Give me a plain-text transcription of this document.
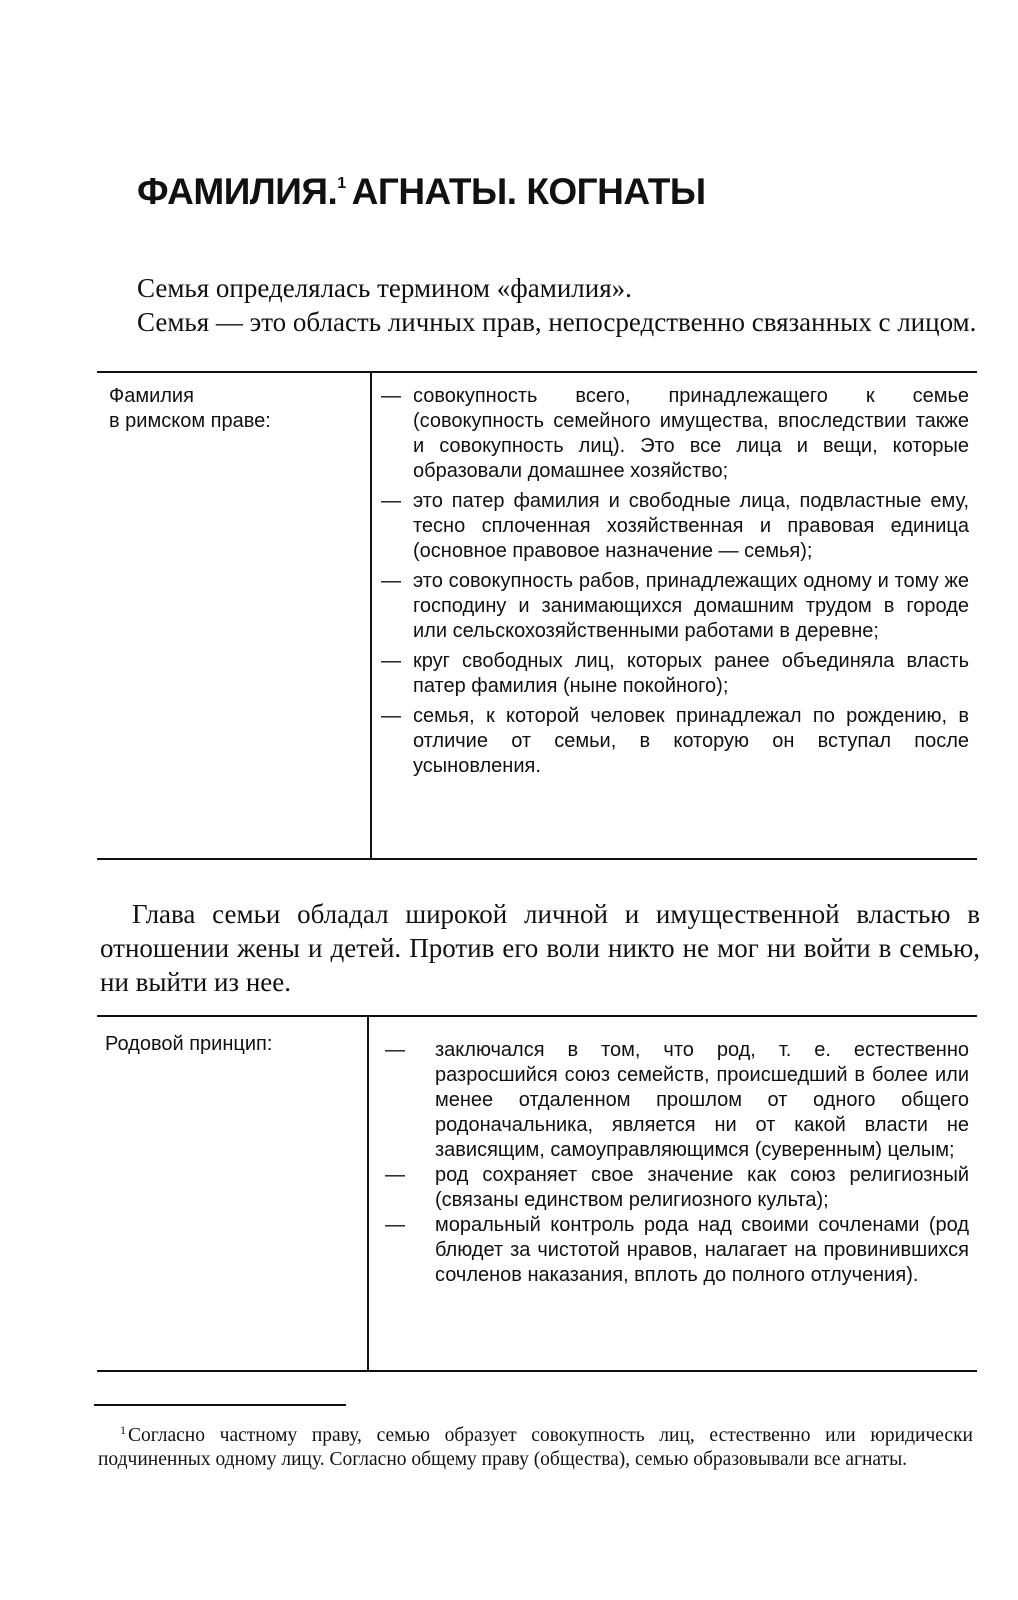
ФАМИЛИЯ.$^1$ АГНАТЫ. КОГНАТЫ

Семья определялась термином «фамилия».

Семья — это область личных прав, непосредственно связанных с лицом.

Фамилия
в римском праве:
— совокупность всего, принадлежащего к семье (совокупность семейного имущества, впоследствии также и совокупность лиц). Это все лица и вещи, которые образовали домашнее хозяйство;
— это патер фамилия и свободные лица, подвластные ему, тесно сплоченная хозяйственная и правовая единица (основное правовое назначение — семья);
— это совокупность рабов, принадлежащих одному и тому же господину и занимающихся домашним трудом в городе или сельскохозяйственными работами в деревне;
— круг свободных лиц, которых ранее объединяла власть патер фамилия (ныне покойного);
— семья, к которой человек принадлежал по рождению, в отличие от семьи, в которую он вступал после усыновления.

Глава семьи обладал широкой личной и имущественной властью в отношении жены и детей. Против его воли никто не мог ни войти в семью, ни выйти из нее.

Родовой принцип:	—	заключался в том, что род, т. е. естественно разросшийся союз семейств, происшедший в более или менее отдаленном прошлом от одного общего родоначальника, является ни от какой власти не зависящим, самоуправляющимся (суверенным) целым;
—	род сохраняет свое значение как союз религиозный (связаны единством религиозного культа);
—	моральный контроль рода над своими сочленами (род блюдет за чистотой нравов, налагает на провинившихся сочленов наказания, вплоть до полного отлучения).

$^1$ Согласно частному праву, семью образует совокупность лиц, естественно или юридически подчиненных одному лицу. Согласно общему праву (общества), семью образовывали все агнаты.
